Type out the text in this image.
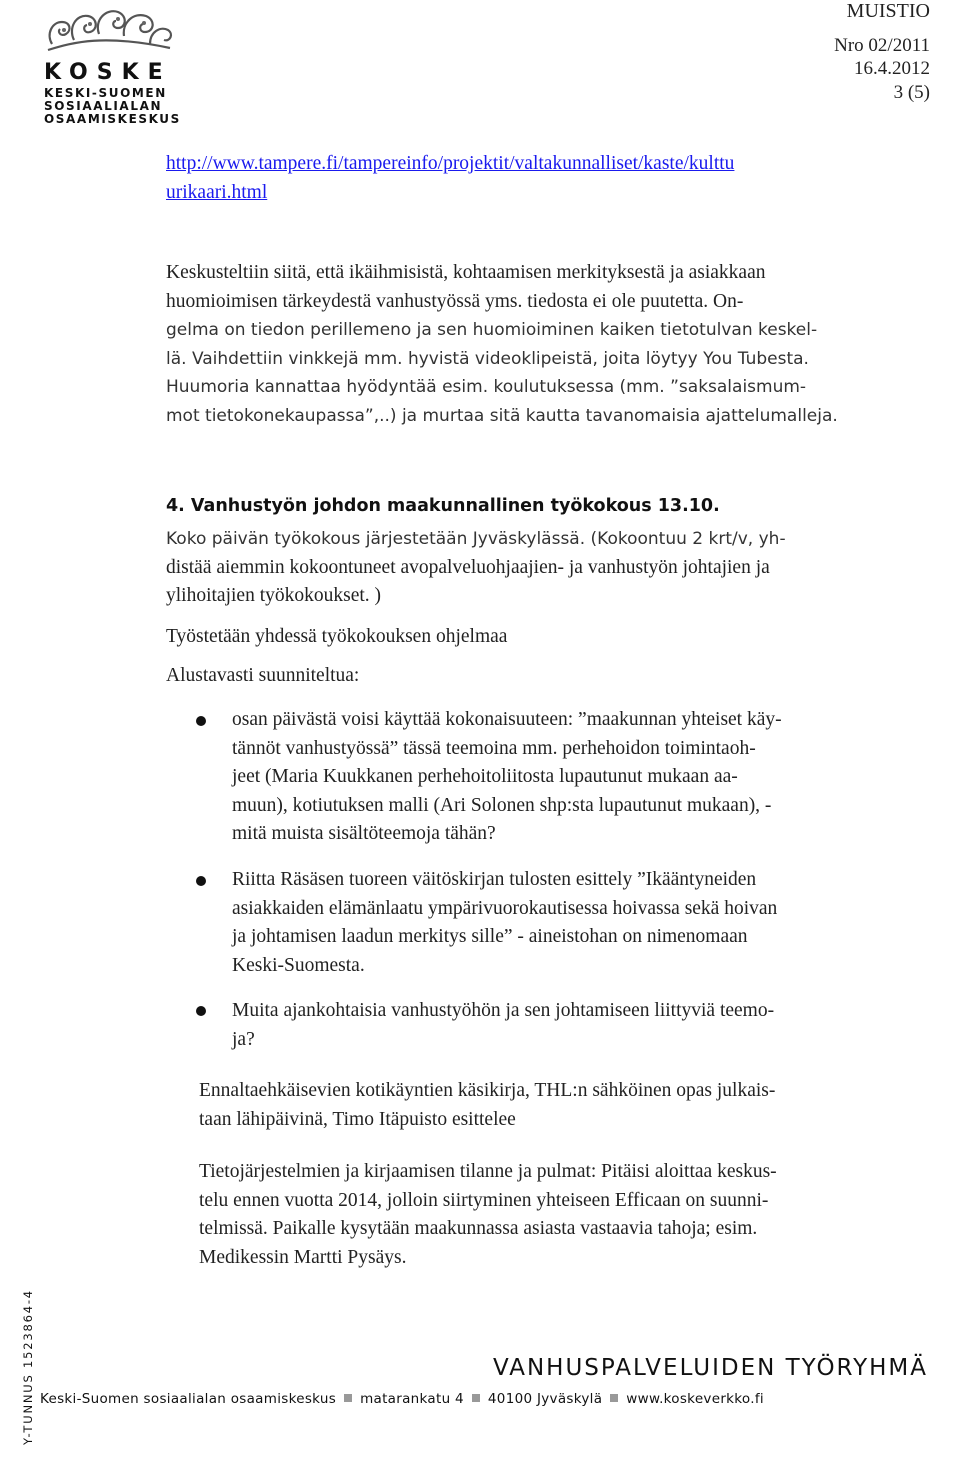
KOSKE
KESKI-SUOMEN
SOSIAALIALAN
OSAAMISKESKUS
MUISTIO
Nro 02/2011
16.4.2012
3 (5)
http://www.tampere.fi/tampereinfo/projektit/valtakunnalliset/kaste/kulttu
urikaari.html
Keskusteltiin siitä, että ikäihmisistä, kohtaamisen merkityksestä ja asiakkaan
huomioimisen tärkeydestä vanhustyössä yms. tiedosta ei ole puutetta. On-
gelma on tiedon perillemeno ja sen huomioiminen kaiken tietotulvan keskel-
lä. Vaihdettiin vinkkejä mm. hyvistä videoklipeistä, joita löytyy You Tubesta.
Huumoria kannattaa hyödyntää esim. koulutuksessa (mm. ”saksalaismum-
mot tietokonekaupassa”,..) ja murtaa sitä kautta tavanomaisia ajattelumalleja.
4. Vanhustyön johdon maakunnallinen työkokous 13.10.
Koko päivän työkokous järjestetään Jyväskylässä. (Kokoontuu 2 krt/v, yh-
distää aiemmin kokoontuneet avopalveluohjaajien- ja vanhustyön johtajien ja
ylihoitajien työkokoukset. )
Työstetään yhdessä työkokouksen ohjelmaa
Alustavasti suunniteltua:
osan päivästä voisi käyttää kokonaisuuteen: ”maakunnan yhteiset käy-
tännöt vanhustyössä” tässä teemoina mm. perhehoidon toimintaoh-
jeet (Maria Kuukkanen perhehoitoliitosta lupautunut mukaan aa-
muun), kotiutuksen malli (Ari Solonen shp:sta lupautunut mukaan), -
mitä muista sisältöteemoja tähän?
Riitta Räsäsen tuoreen väitöskirjan tulosten esittely ”Ikääntyneiden
asiakkaiden elämänlaatu ympärivuorokautisessa hoivassa sekä hoivan
ja johtamisen laadun merkitys sille” - aineistohan on nimenomaan
Keski-Suomesta.
Muita ajankohtaisia vanhustyöhön ja sen johtamiseen liittyviä teemo-
ja?
Ennaltaehkäisevien kotikäyntien käsikirja, THL:n sähköinen opas julkais-
taan lähipäivinä, Timo Itäpuisto esittelee
Tietojärjestelmien ja kirjaamisen tilanne ja pulmat: Pitäisi aloittaa keskus-
telu ennen vuotta 2014, jolloin siirtyminen yhteiseen Efficaan on suunni-
telmissä. Paikalle kysytään maakunnassa asiasta vastaavia tahoja; esim.
Medikessin Martti Pysäys.
Y-TUNNUS 1523864-4	VANHUSPALVELUIDEN TYÖRYHMÄ
Keski-Suomen sosiaalialan osaamiskeskus matarankatu 4 40100 Jyväskylä www.koskeverkko.fi
